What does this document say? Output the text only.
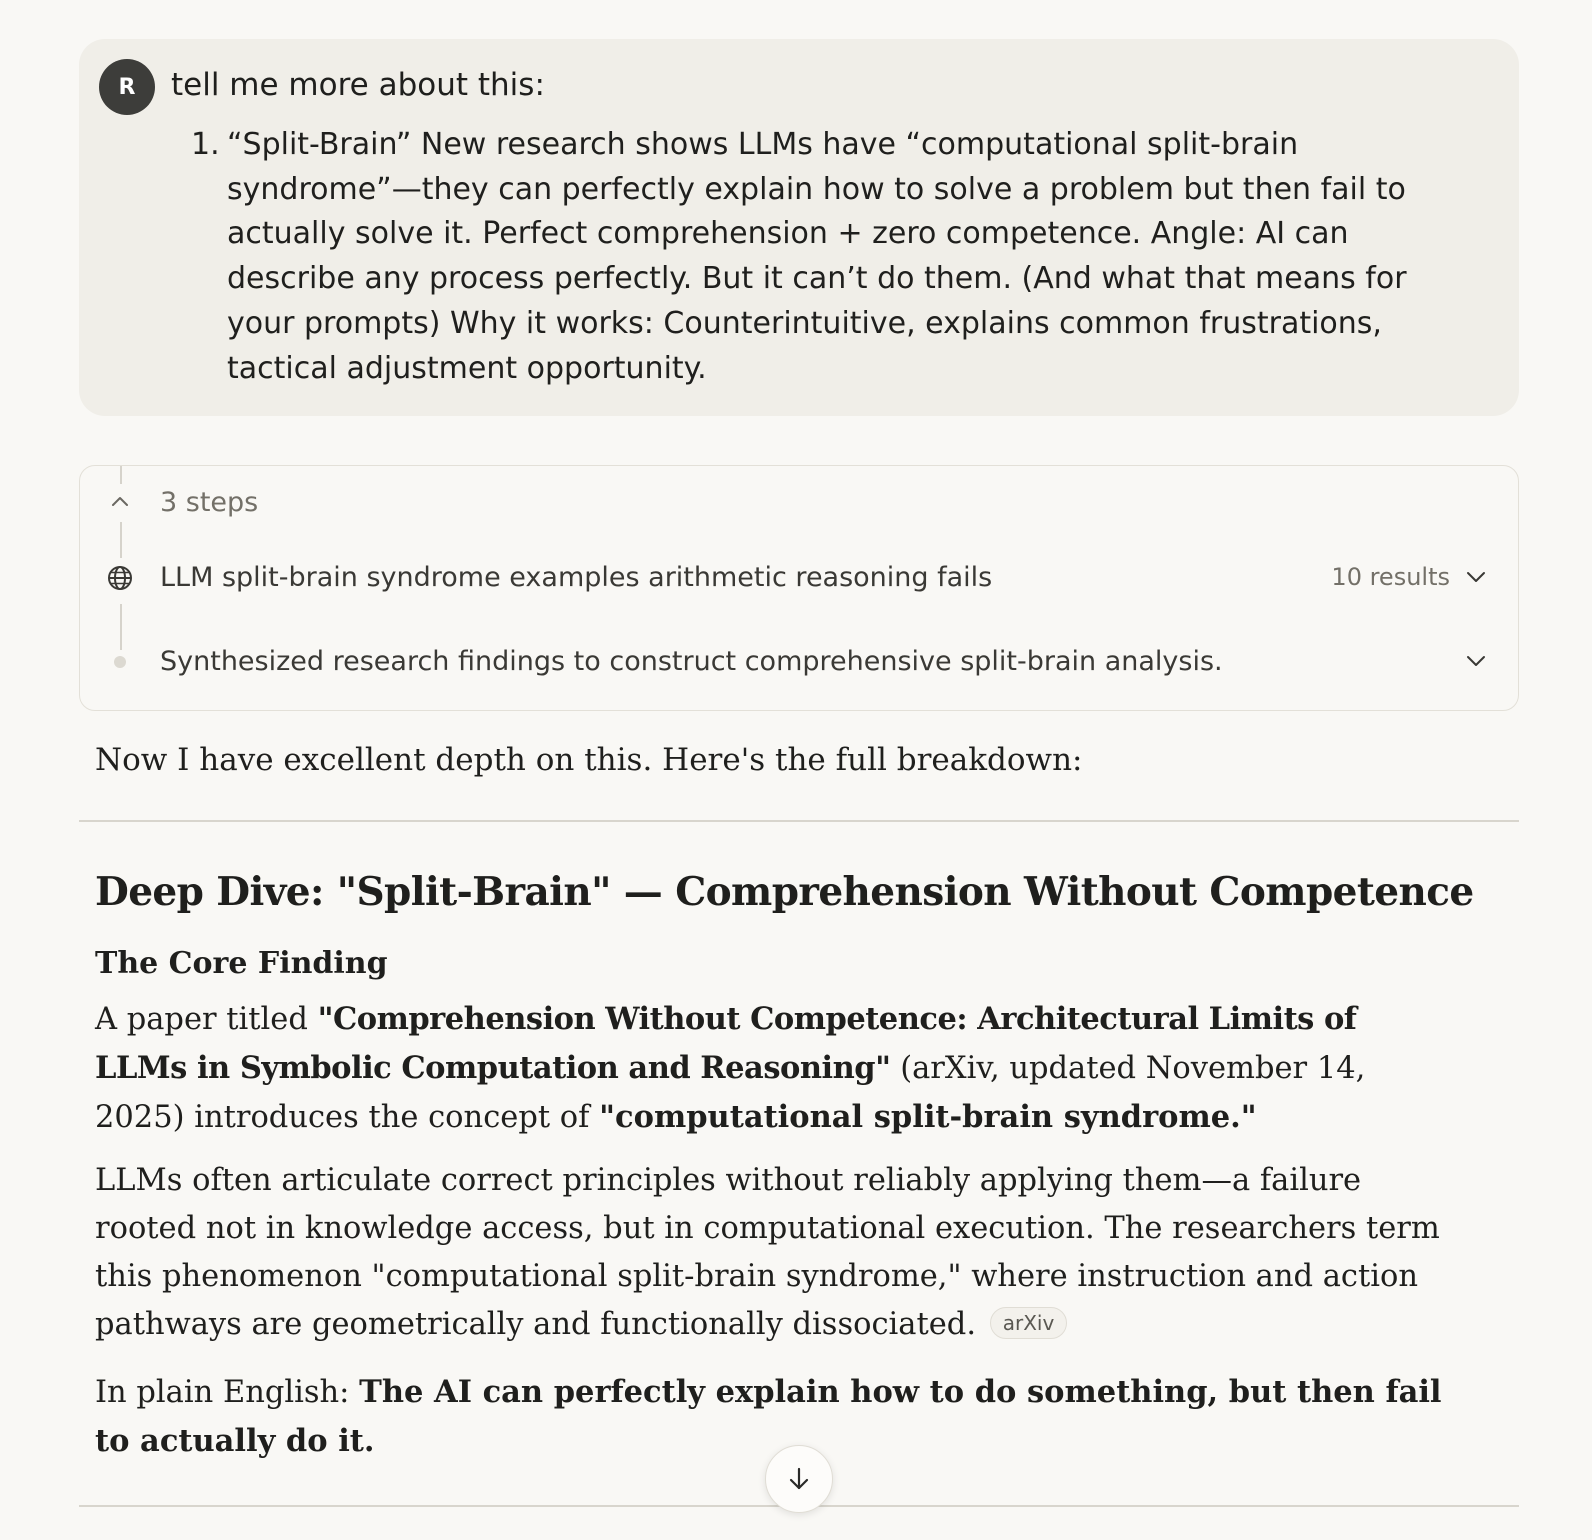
R	tell me more about this:
1. “Split-Brain” New research shows LLMs have “computational split-brain syndrome”—they can perfectly explain how to solve a problem but then fail to actually solve it. Perfect comprehension + zero competence. Angle: AI can describe any process perfectly. But it can’t do them. (And what that means for your prompts) Why it works: Counterintuitive, explains common frustrations, tactical adjustment opportunity.
3 steps
LLM split-brain syndrome examples arithmetic reasoning fails	10 results
Synthesized research findings to construct comprehensive split-brain analysis.
Now I have excellent depth on this. Here's the full breakdown:
Deep Dive: "Split-Brain" — Comprehension Without Competence
The Core Finding
A paper titled "Comprehension Without Competence: Architectural Limits of LLMs in Symbolic Computation and Reasoning" (arXiv, updated November 14, 2025) introduces the concept of "computational split-brain syndrome."
LLMs often articulate correct principles without reliably applying them—a failure rooted not in knowledge access, but in computational execution. The researchers term this phenomenon "computational split-brain syndrome," where instruction and action pathways are geometrically and functionally dissociated. arXiv
In plain English: The AI can perfectly explain how to do something, but then fail to actually do it.
